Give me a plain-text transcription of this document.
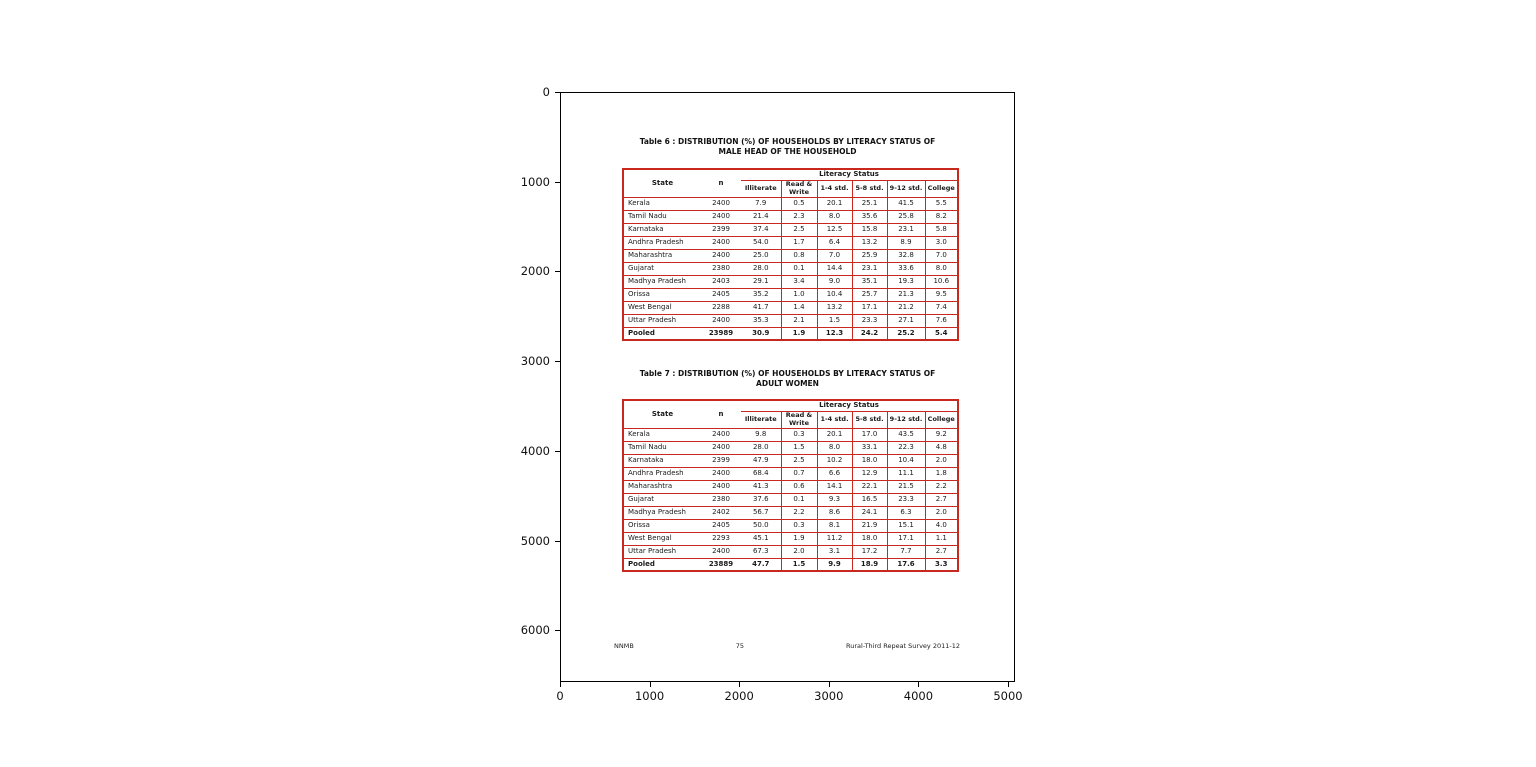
0
1000
2000
3000
4000
5000
6000
0	1000	2000	3000	4000	5000
Table 6 : DISTRIBUTION (%) OF HOUSEHOLDS BY LITERACY STATUS OF
MALE HEAD OF THE HOUSEHOLD
State	n	Literacy Status					
		Illiterate	Read & Write	1-4 std.	5-8 std.	9-12 std.	College
Kerala	2400	7.9	0.5	20.1	25.1	41.5	5.5
Tamil Nadu	2400	21.4	2.3	8.0	35.6	25.8	8.2
Karnataka	2399	37.4	2.5	12.5	15.8	23.1	5.8
Andhra Pradesh	2400	54.0	1.7	6.4	13.2	8.9	3.0
Maharashtra	2400	25.0	0.8	7.0	25.9	32.8	7.0
Gujarat	2380	28.0	0.1	14.4	23.1	33.6	8.0
Madhya Pradesh	2403	29.1	3.4	9.0	35.1	19.3	10.6
Orissa	2405	35.2	1.0	10.4	25.7	21.3	9.5
West Bengal	2288	41.7	1.4	13.2	17.1	21.2	7.4
Uttar Pradesh	2400	35.3	2.1	1.5	23.3	27.1	7.6
Pooled	23989	30.9	1.9	12.3	24.2	25.2	5.4
Table 7 : DISTRIBUTION (%) OF HOUSEHOLDS BY LITERACY STATUS OF
ADULT WOMEN
State	n	Literacy Status					
		Illiterate	Read & Write	1-4 std.	5-8 std.	9-12 std.	College
Kerala	2400	9.8	0.3	20.1	17.0	43.5	9.2
Tamil Nadu	2400	28.0	1.5	8.0	33.1	22.3	4.8
Karnataka	2399	47.9	2.5	10.2	18.0	10.4	2.0
Andhra Pradesh	2400	68.4	0.7	6.6	12.9	11.1	1.8
Maharashtra	2400	41.3	0.6	14.1	22.1	21.5	2.2
Gujarat	2380	37.6	0.1	9.3	16.5	23.3	2.7
Madhya Pradesh	2402	56.7	2.2	8.6	24.1	6.3	2.0
Orissa	2405	50.0	0.3	8.1	21.9	15.1	4.0
West Bengal	2293	45.1	1.9	11.2	18.0	17.1	1.1
Uttar Pradesh	2400	67.3	2.0	3.1	17.2	7.7	2.7
Pooled	23889	47.7	1.5	9.9	18.9	17.6	3.3
NNMB	75	Rural-Third Repeat Survey 2011-12
